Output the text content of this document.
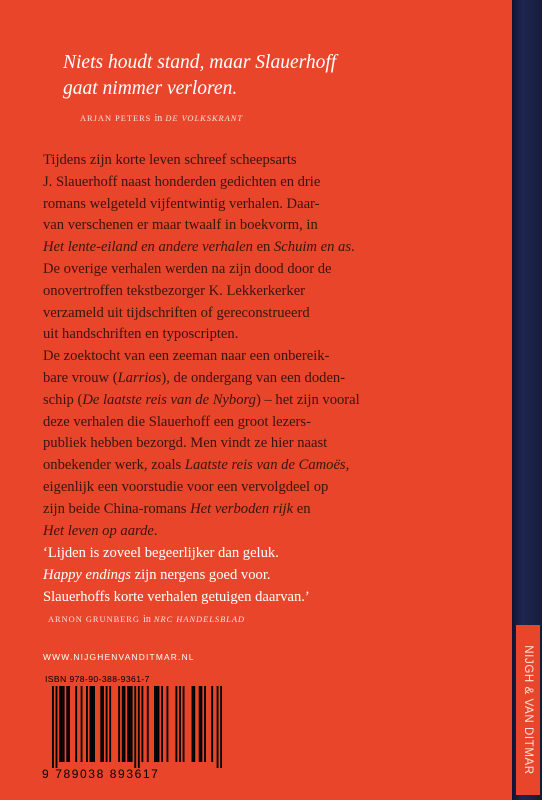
NIJGH & VAN DITMAR
Niets houdt stand, maar Slauerhoff
gaat nimmer verloren.
ARJAN PETERS in DE VOLKSKRANT

Tijdens zijn korte leven schreef scheepsarts

J. Slauerhoff naast honderden gedichten en drie

romans welgeteld vijfentwintig verhalen. Daar-

van verschenen er maar twaalf in boekvorm, in

Het lente-eiland en andere verhalen en Schuim en as.

De overige verhalen werden na zijn dood door de

onovertroffen tekstbezorger K. Lekkerkerker

verzameld uit tijdschriften of gereconstrueerd

uit handschriften en typoscripten.

De zoektocht van een zeeman naar een onbereik-

bare vrouw (Larrios), de ondergang van een doden-

schip (De laatste reis van de Nyborg) – het zijn vooral

deze verhalen die Slauerhoff een groot lezers-

publiek hebben bezorgd. Men vindt ze hier naast

onbekender werk, zoals Laatste reis van de Camoës,

eigenlijk een voorstudie voor een vervolgdeel op

zijn beide China-romans Het verboden rijk en

Het leven op aarde.

‘Lijden is zoveel begeerlijker dan geluk.

Happy endings zijn nergens goed voor.

Slauerhoffs korte verhalen getuigen daarvan.’

ARNON GRUNBERG in NRC HANDELSBLAD
WWW.NIJGHENVANDITMAR.NL
ISBN 978-90-388-9361-7
9 789038 893617
